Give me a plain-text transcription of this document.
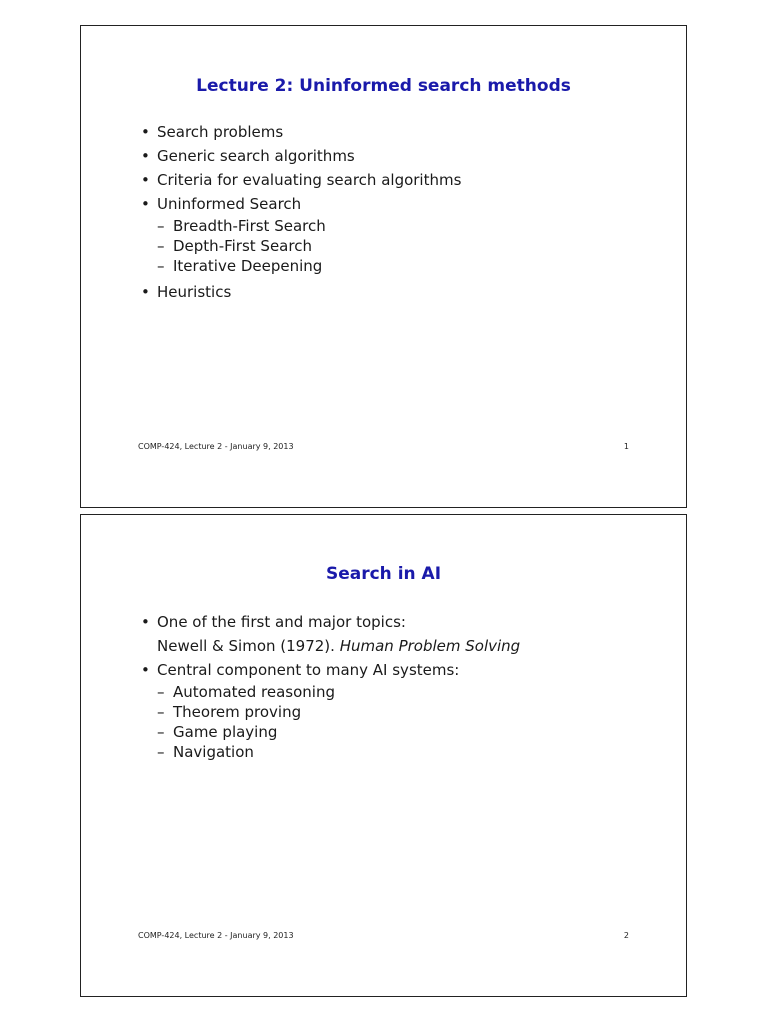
Lecture 2: Uninformed search methods
• Search problems
• Generic search algorithms
• Criteria for evaluating search algorithms
• Uninformed Search
– Breadth-First Search
– Depth-First Search
– Iterative Deepening
• Heuristics
COMP-424, Lecture 2 - January 9, 2013	1
Search in AI
• One of the first and major topics:
Newell & Simon (1972). Human Problem Solving
• Central component to many AI systems:
– Automated reasoning
– Theorem proving
– Game playing
– Navigation
COMP-424, Lecture 2 - January 9, 2013	2
